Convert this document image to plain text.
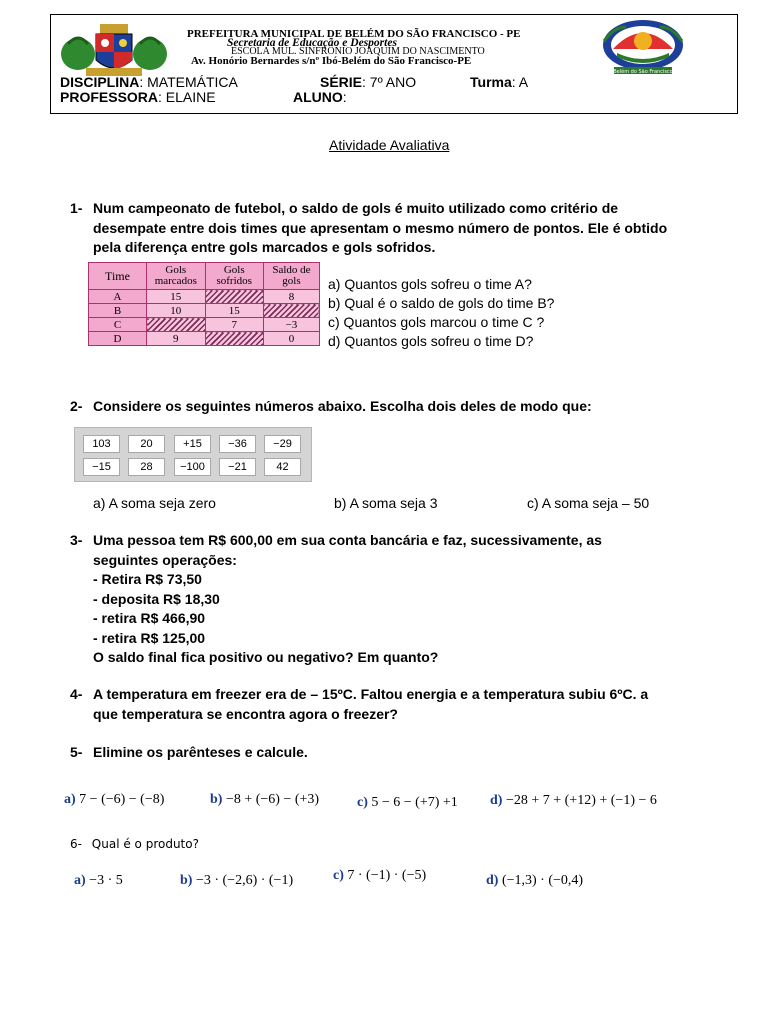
PREFEITURA MUNICIPAL DE BELÉM DO SÃO FRANCISCO - PE
Secretaria de Educação e Desportes
ESCOLA MUL. SINFRÔNIO JOAQUIM DO NASCIMENTO
Av. Honório Bernardes s/nº Ibó-Belém do São Francisco-PE
Belém do São Francisco
DISCIPLINA: MATEMÁTICA	SÉRIE: 7º ANO	Turma: A
PROFESSORA: ELAINE	ALUNO:
Atividade Avaliativa
1- Num campeonato de futebol, o saldo de gols é muito utilizado como critério de desempate entre dois times que apresentam o mesmo número de pontos. Ele é obtido pela diferença entre gols marcados e gols sofridos.
Time	Gols marcados	Gols sofridos	Saldo de gols
A	15		8
B	10	15	
C		7	−3
D	9		0
a) Quantos gols sofreu o time A?
b) Qual é o saldo de gols do time B?
c) Quantos gols marcou o time C ?
d) Quantos gols sofreu o time D?
2- Considere os seguintes números abaixo. Escolha dois deles de modo que:
103	20	+15	−36	−29
−15	28	−100	−21	42
a) A soma seja zero	b) A soma seja 3	c) A soma seja – 50
3- Uma pessoa tem R$ 600,00 em sua conta bancária e faz, sucessivamente, as
seguintes operações:
- Retira R$ 73,50
- deposita R$ 18,30
- retira R$ 466,90
- retira R$ 125,00
O saldo final fica positivo ou negativo? Em quanto?
4- A temperatura em freezer era de – 15ºC. Faltou energia e a temperatura subiu 6ºC. a
que temperatura se encontra agora o freezer?
5- Elimine os parênteses e calcule.
a) 7 − (−6) − (−8)	b) −8 + (−6) − (+3)	c) 5 − 6 − (+7) +1 d) −28 + 7 + (+12) + (−1) − 6
6- Qual é o produto?
a) −3 · 5	b) −3 · (−2,6) · (−1)	c) 7 · (−1) · (−5)	d) (−1,3) · (−0,4)
